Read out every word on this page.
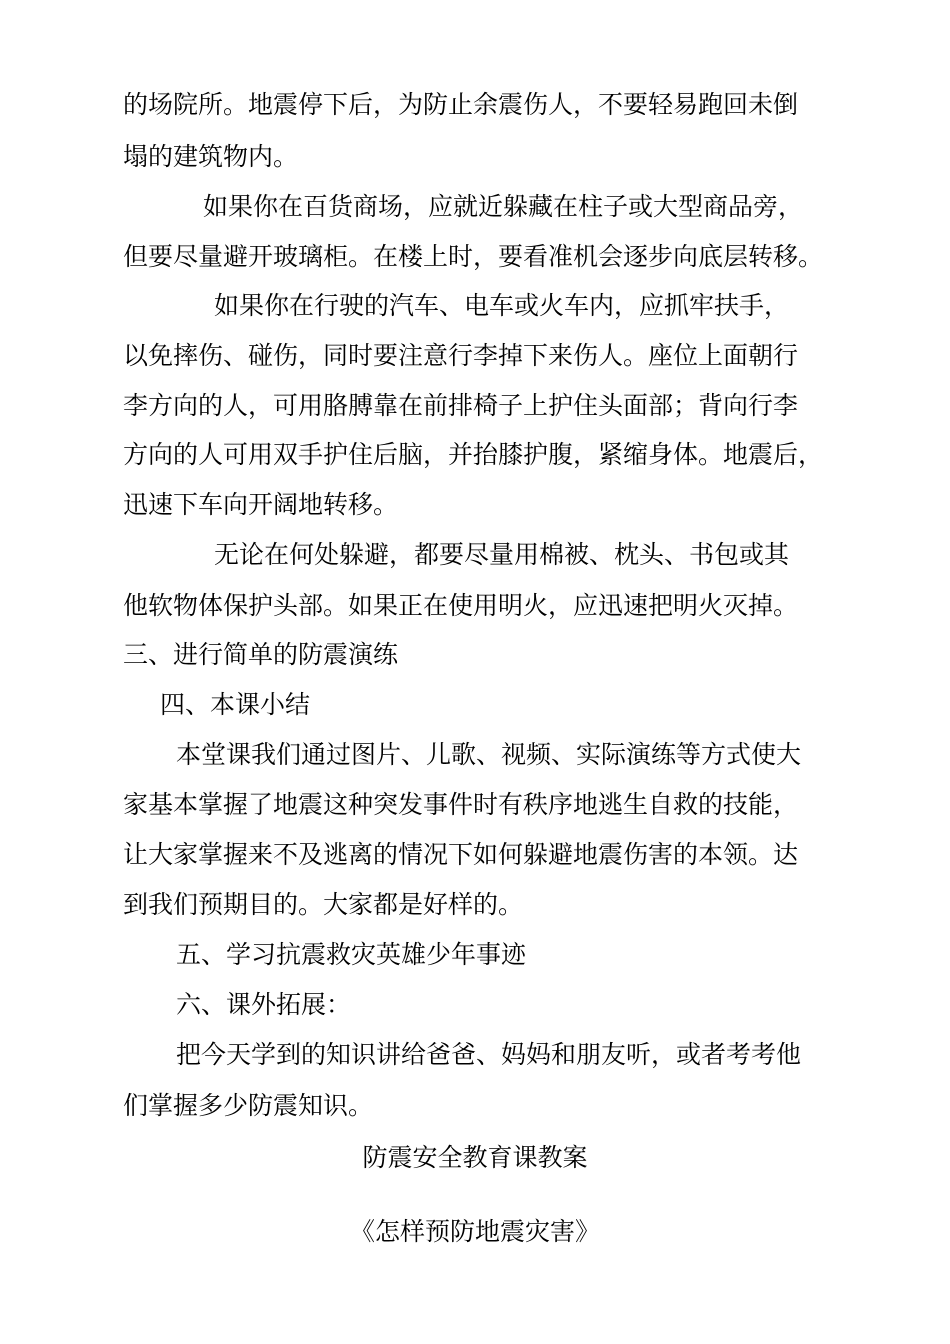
的场院所。地震停下后，为防止余震伤人，不要轻易跑回未倒
塌的建筑物内。
如果你在百货商场，应就近躲藏在柱子或大型商品旁，
但要尽量避开玻璃柜。在楼上时，要看准机会逐步向底层转移。
如果你在行驶的汽车、电车或火车内，应抓牢扶手，
以免摔伤、碰伤，同时要注意行李掉下来伤人。座位上面朝行
李方向的人，可用胳膊靠在前排椅子上护住头面部；背向行李
方向的人可用双手护住后脑，并抬膝护腹，紧缩身体。地震后，
迅速下车向开阔地转移。
无论在何处躲避，都要尽量用棉被、枕头、书包或其
他软物体保护头部。如果正在使用明火，应迅速把明火灭掉。
三、进行简单的防震演练
四、本课小结
本堂课我们通过图片、儿歌、视频、实际演练等方式使大
家基本掌握了地震这种突发事件时有秩序地逃生自救的技能，
让大家掌握来不及逃离的情况下如何躲避地震伤害的本领。达
到我们预期目的。大家都是好样的。
五、学习抗震救灾英雄少年事迹
六、课外拓展：
把今天学到的知识讲给爸爸、妈妈和朋友听，或者考考他
们掌握多少防震知识。
防震安全教育课教案
《怎样预防地震灾害》
